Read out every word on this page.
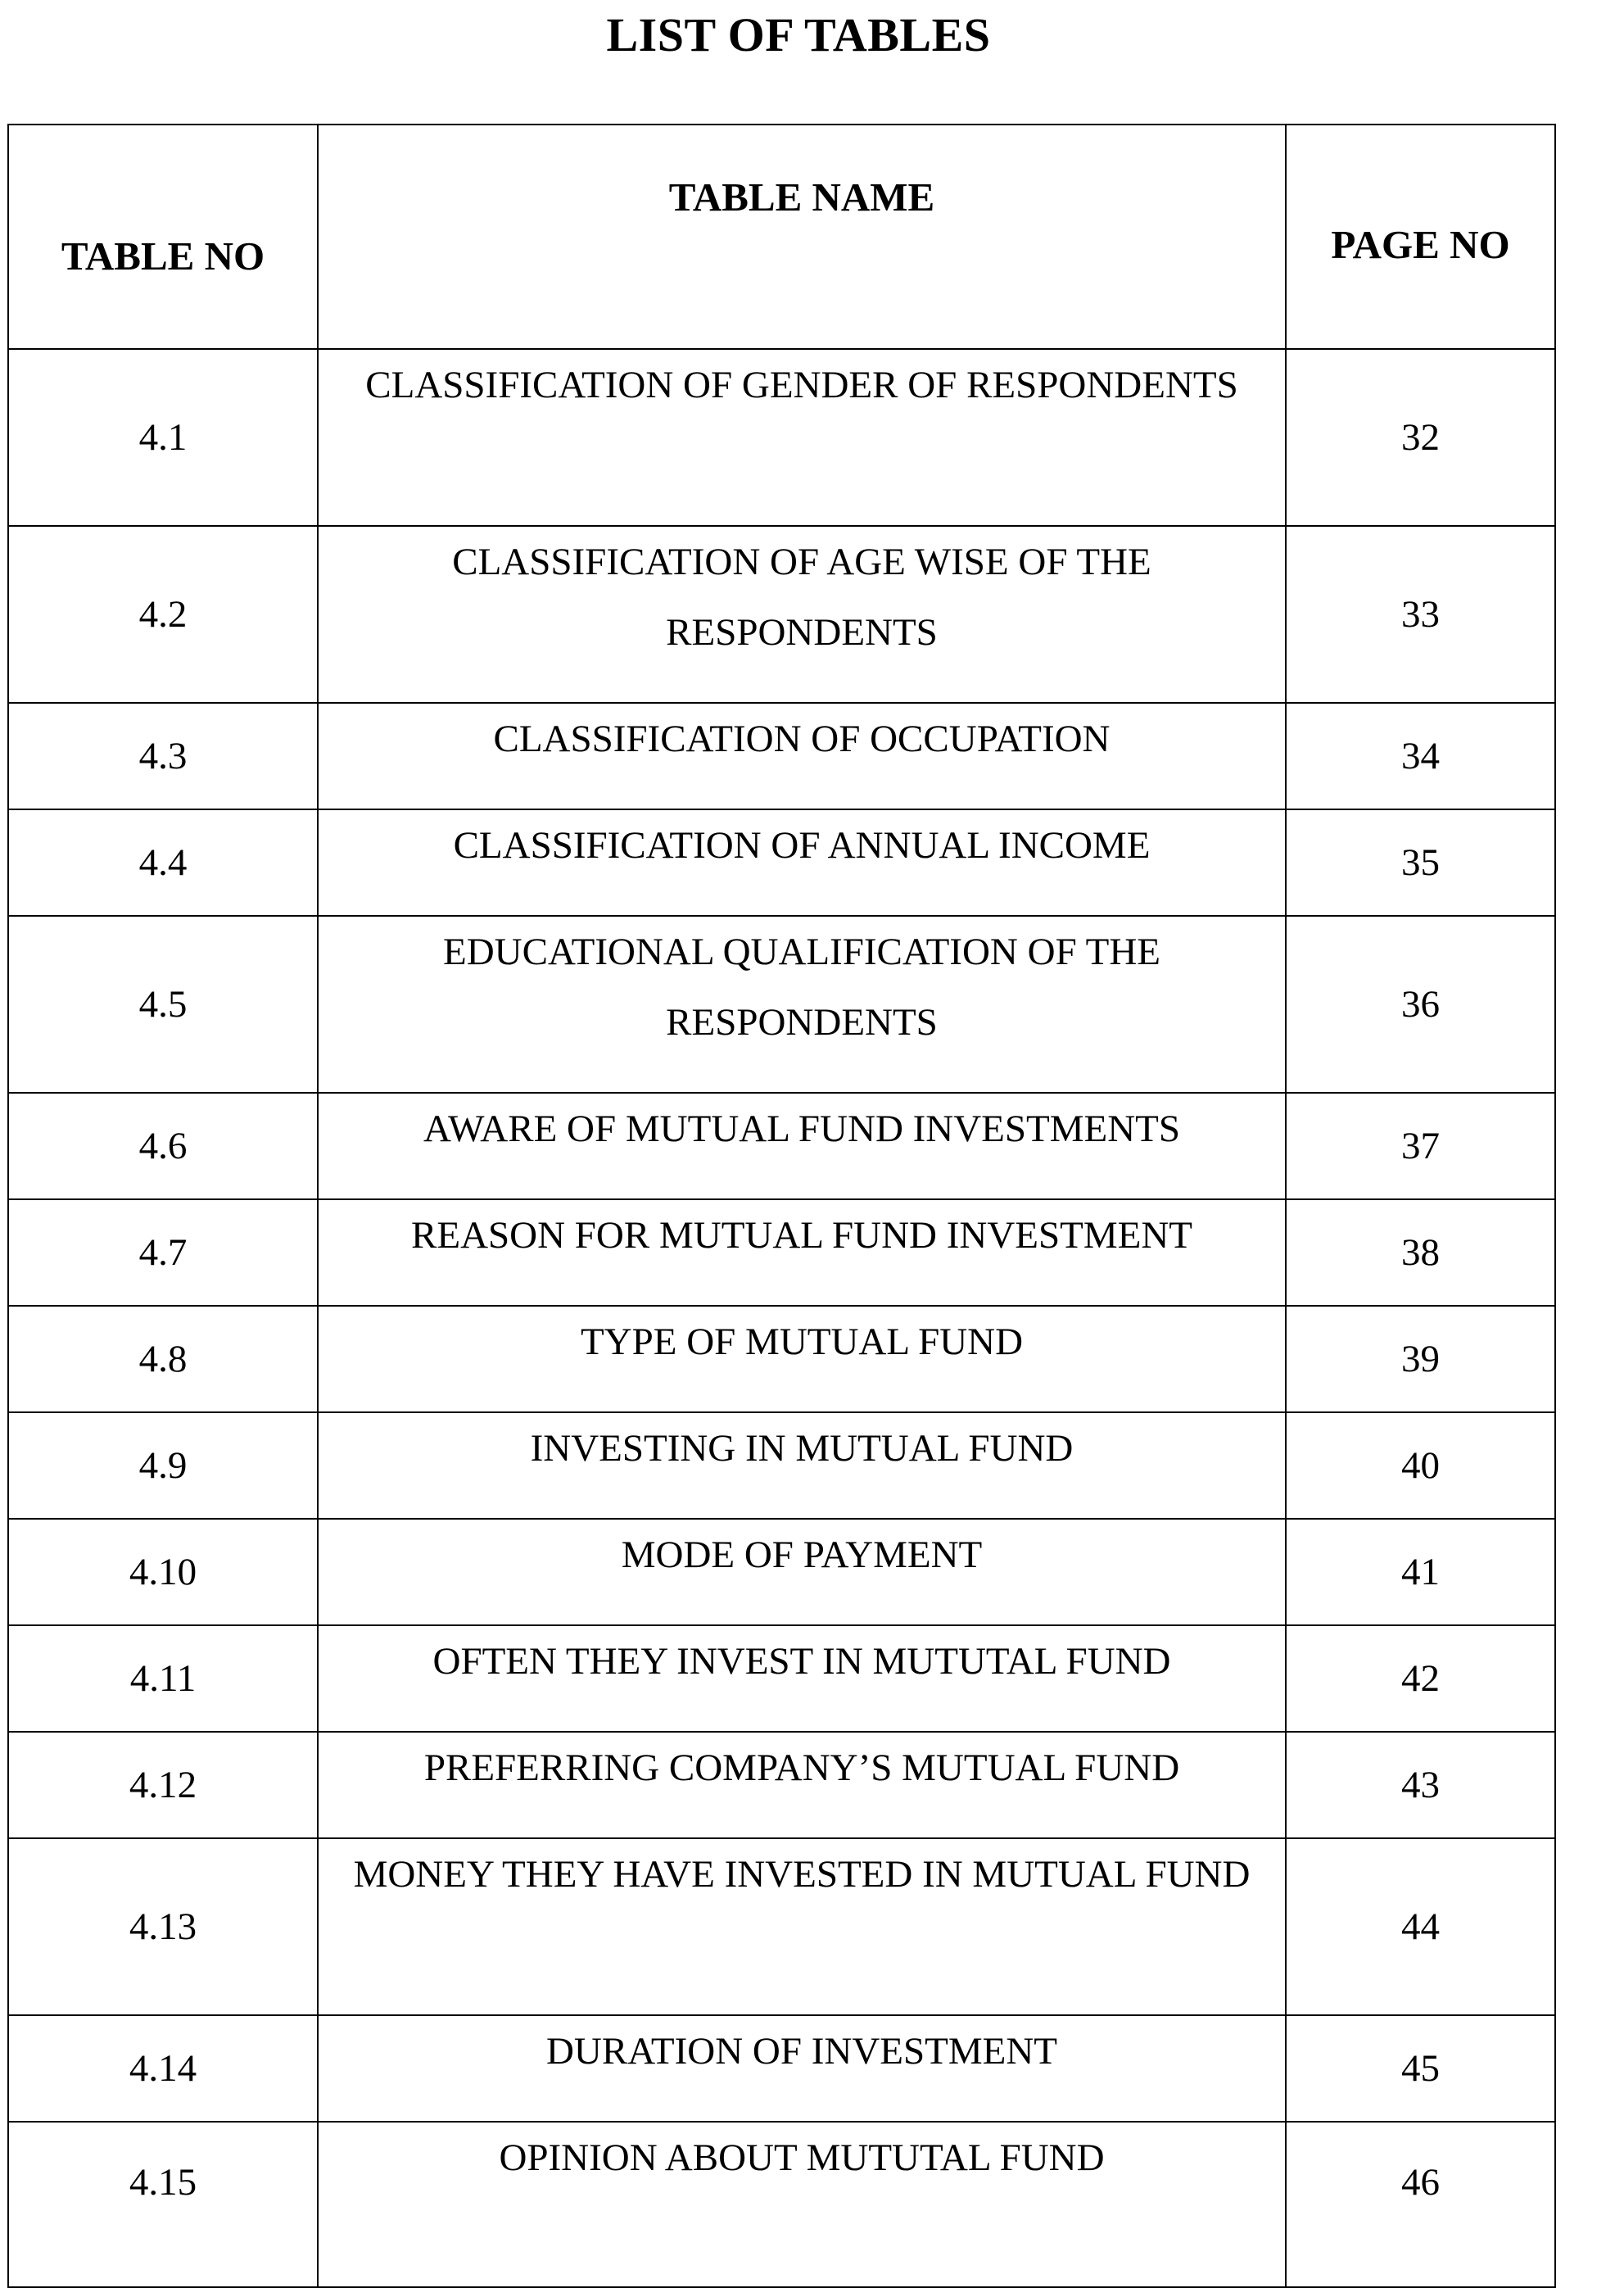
LIST OF TABLES
TABLE NO	TABLE NAME	PAGE NO

4.1	CLASSIFICATION OF GENDER OF RESPONDENTS	32
4.2	CLASSIFICATION OF AGE WISE OF THE RESPONDENTS	33
4.3	CLASSIFICATION OF OCCUPATION	34
4.4	CLASSIFICATION OF ANNUAL INCOME	35
4.5	EDUCATIONAL QUALIFICATION OF THE RESPONDENTS	36
4.6	AWARE OF MUTUAL FUND INVESTMENTS	37
4.7	REASON FOR MUTUAL FUND INVESTMENT	38
4.8	TYPE OF MUTUAL FUND	39
4.9	INVESTING IN MUTUAL FUND	40
4.10	MODE OF PAYMENT	41
4.11	OFTEN THEY INVEST IN MUTUTAL FUND	42
4.12	PREFERRING COMPANY’S MUTUAL FUND	43
4.13	MONEY THEY HAVE INVESTED IN MUTUAL FUND	44
4.14	DURATION OF INVESTMENT	45
4.15	OPINION ABOUT MUTUTAL FUND	46
